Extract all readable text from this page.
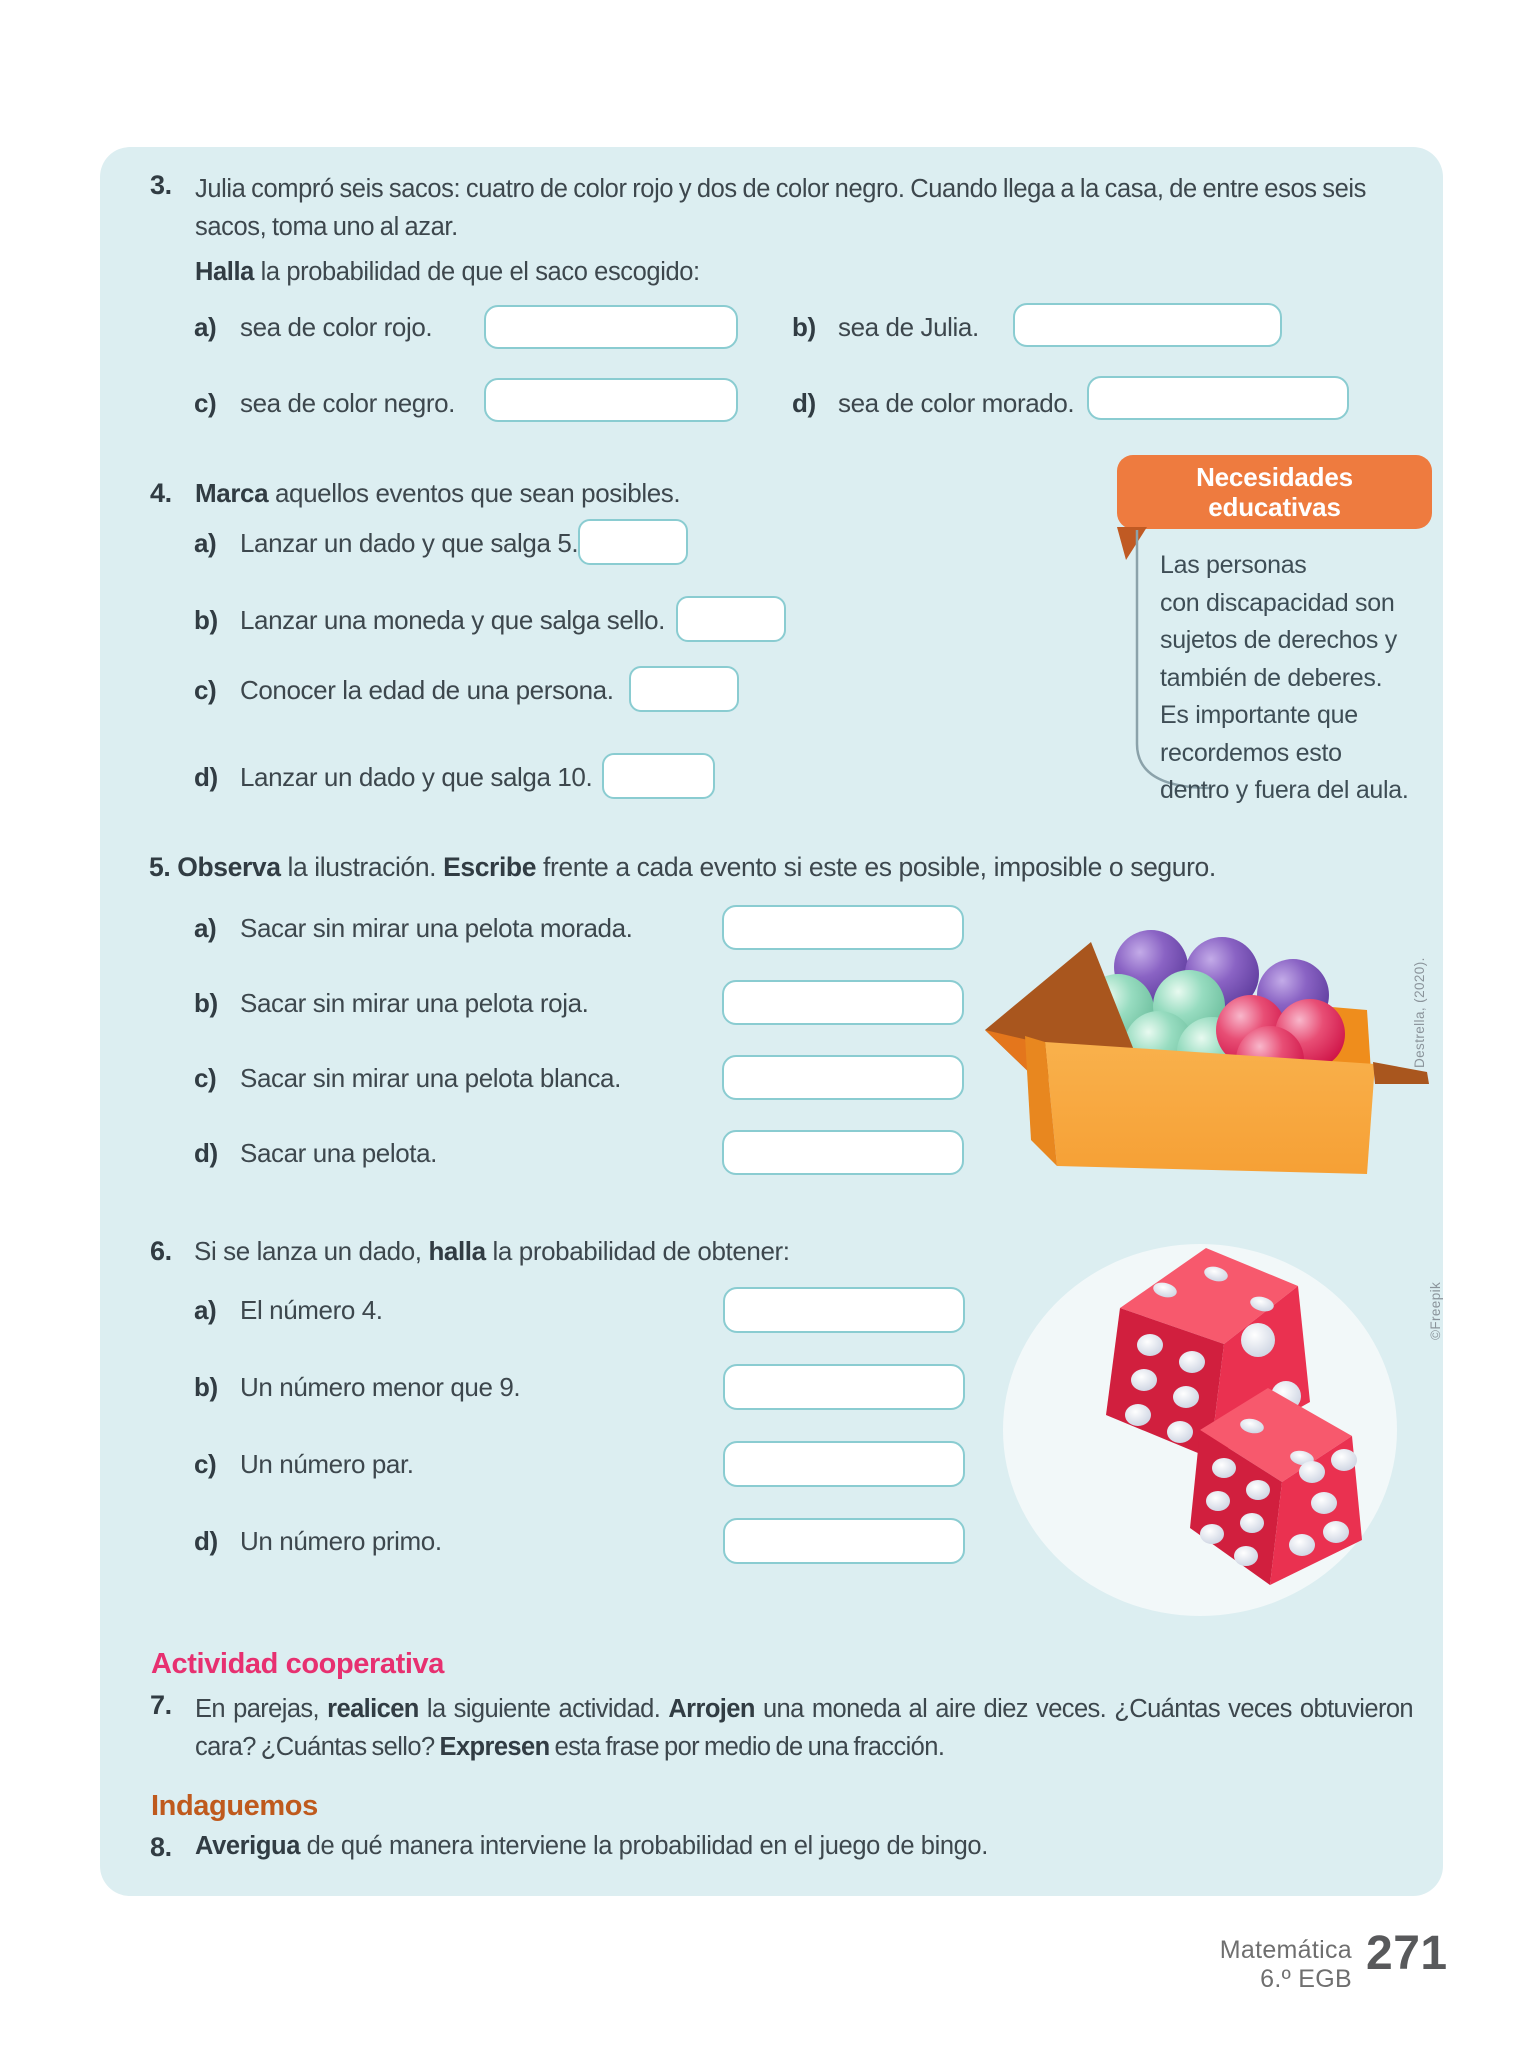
3. Julia compró seis sacos: cuatro de color rojo y dos de color negro. Cuando llega a la casa, de entre esos seis sacos, toma uno al azar.
Halla la probabilidad de que el saco escogido:
a) sea de color rojo.	b) sea de Julia.
c) sea de color negro.	d) sea de color morado.
4. Marca aquellos eventos que sean posibles.
a) Lanzar un dado y que salga 5.
b) Lanzar una moneda y que salga sello.
c) Conocer la edad de una persona.
d) Lanzar un dado y que salga 10.
Necesidades
educativas
Las personas
con discapacidad son
sujetos de derechos y
también de deberes.
Es importante que
recordemos esto
dentro y fuera del aula.
5. Observa la ilustración. Escribe frente a cada evento si este es posible, imposible o seguro.
a) Sacar sin mirar una pelota morada.
b) Sacar sin mirar una pelota roja.
c) Sacar sin mirar una pelota blanca.
d) Sacar una pelota.
Destrella, (2020).
6. Si se lanza un dado, halla la probabilidad de obtener:
a) El número 4.
b) Un número menor que 9.
c) Un número par.
d) Un número primo.
©Freepik
Actividad cooperativa
7. En parejas, realicen la siguiente actividad. Arrojen una moneda al aire diez veces. ¿Cuántas veces obtuvieron cara? ¿Cuántas sello? Expresen esta frase por medio de una fracción.
Indaguemos
8. Averigua de qué manera interviene la probabilidad en el juego de bingo.
Matemática
6.º EGB 271
